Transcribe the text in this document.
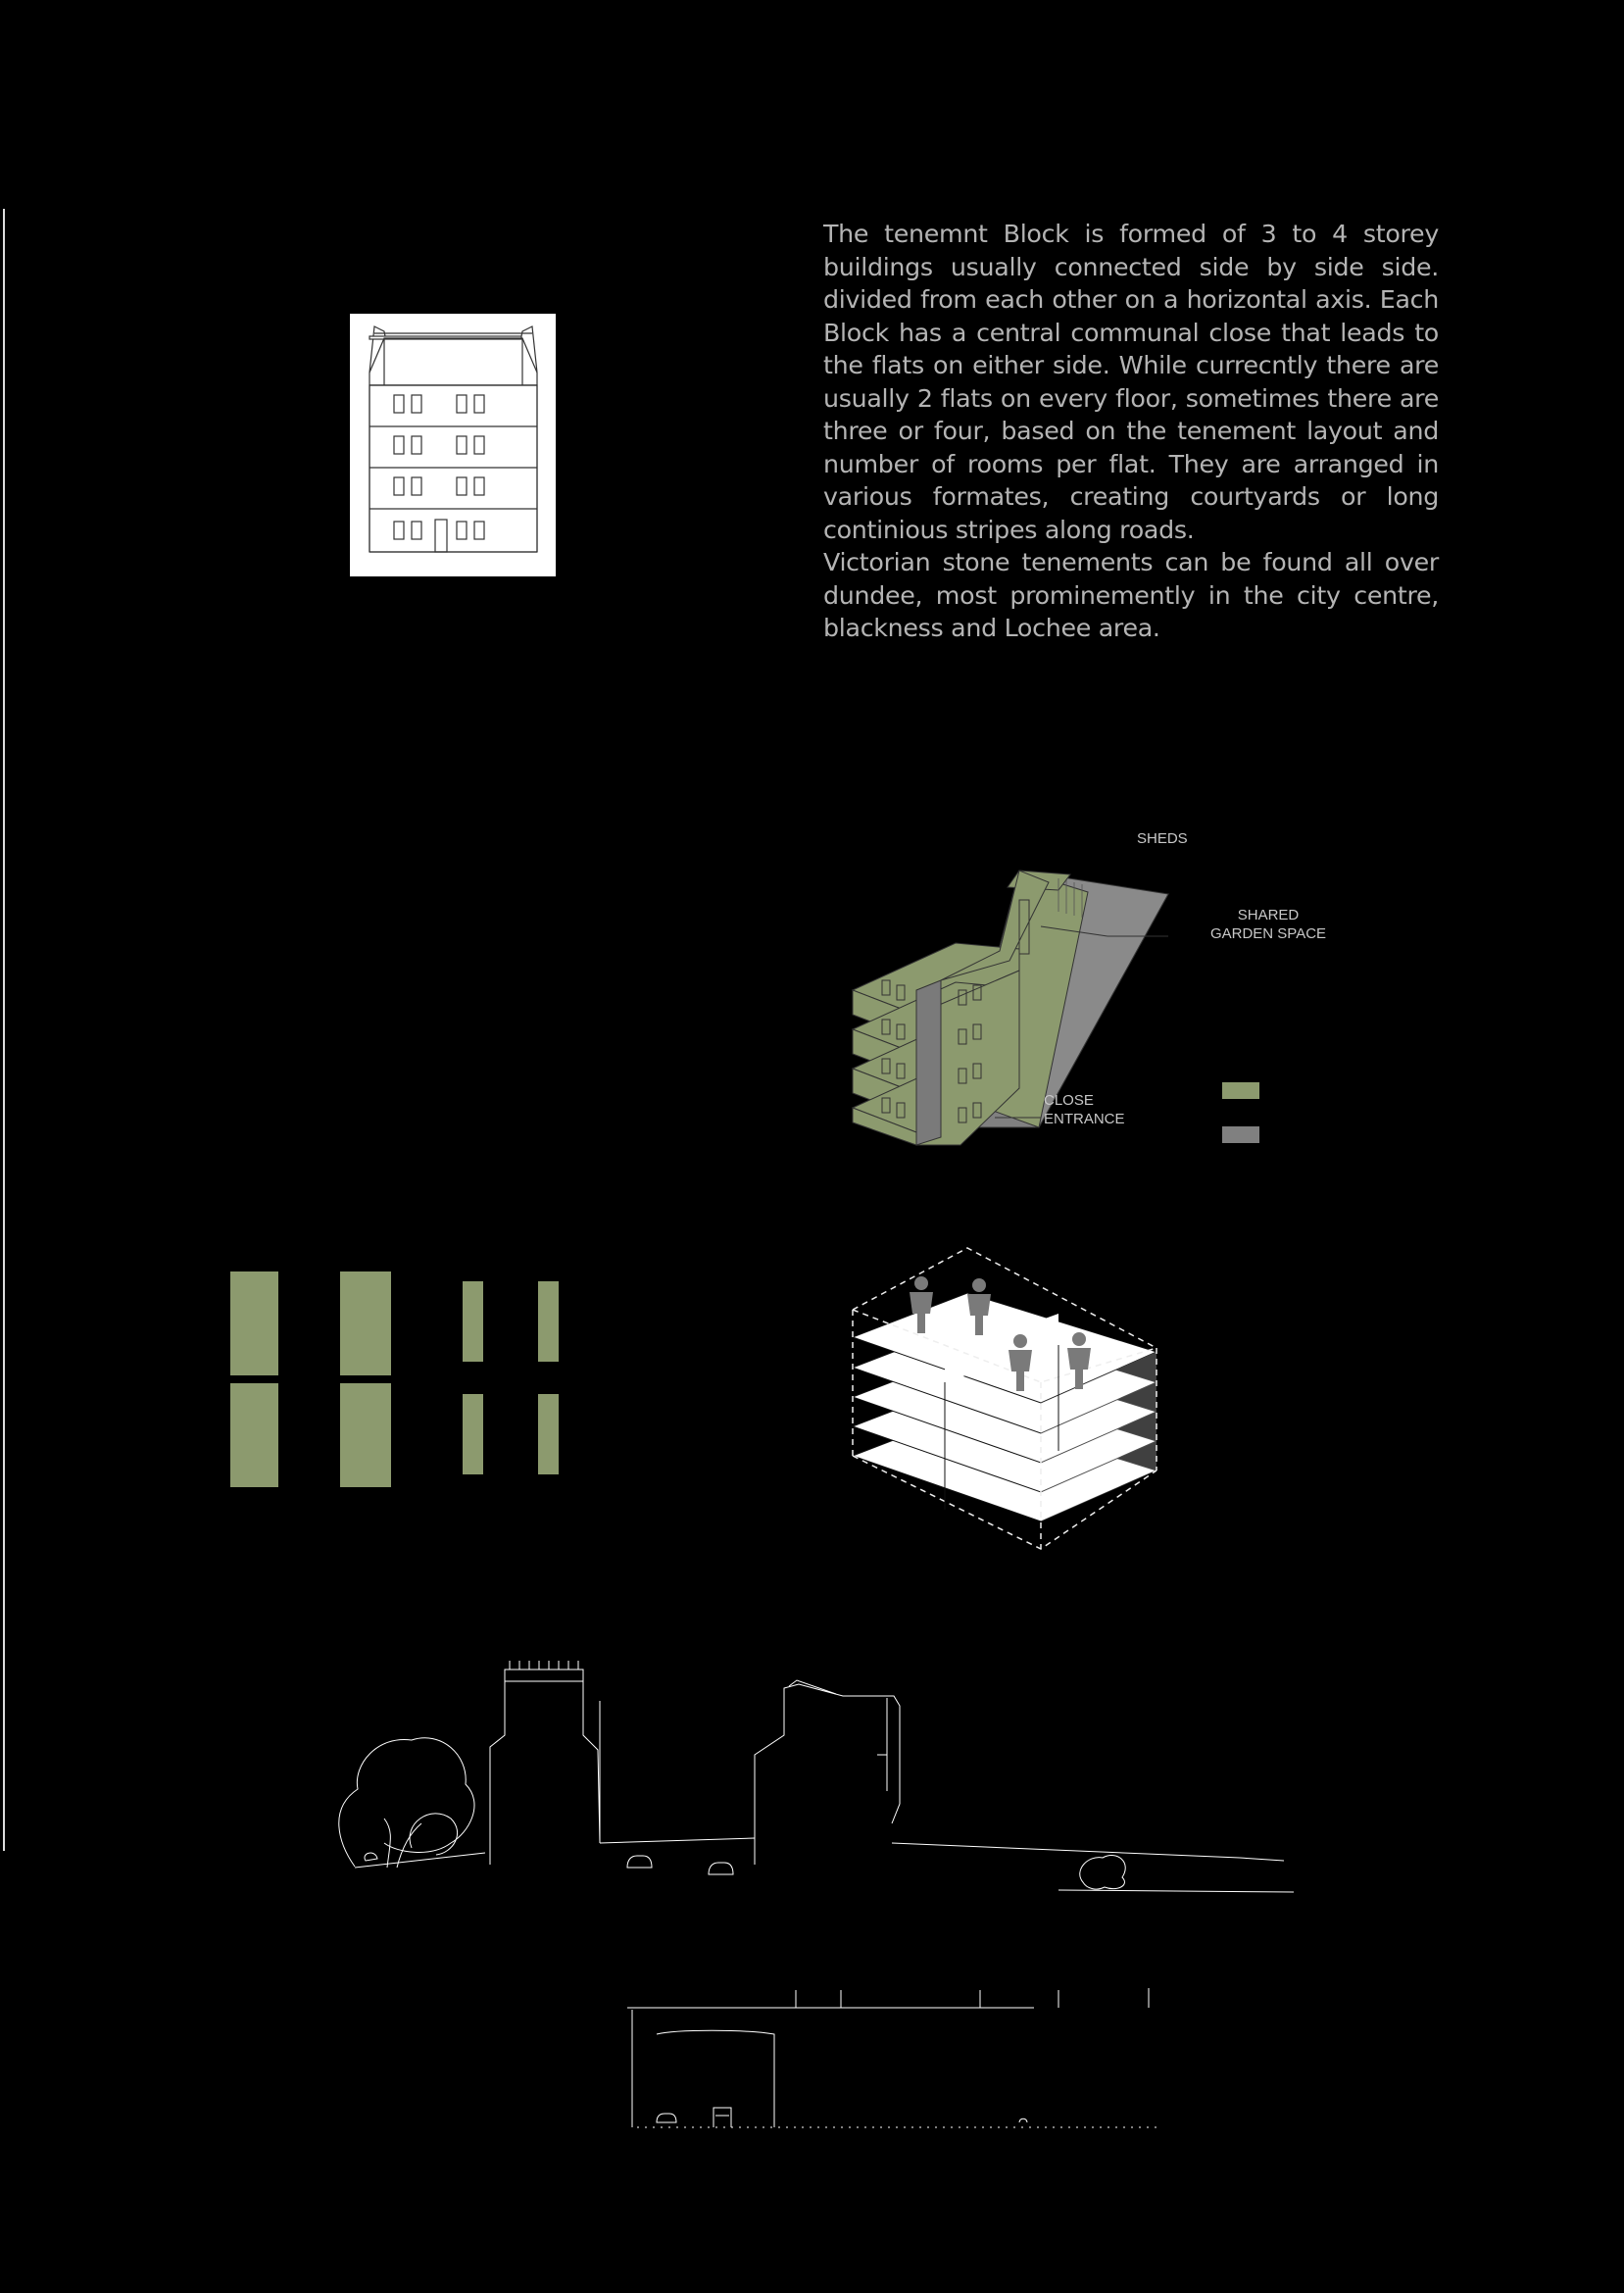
The tenemnt Block is formed of 3 to 4 storey buildings usually connected side by side side. divided from each other on a horizontal axis. Each Block has a central communal close that leads to the flats on either side. While currecntly there are usually 2 flats on every floor, sometimes there are three or four, based on the tenement layout and number of rooms per flat. They are arranged in various formates, creating courtyards or long continious stripes along roads.

Victorian stone tenements can be found all over dundee, most prominemently in the city centre, blackness and Lochee area.

SHEDS
SHARED
GARDEN SPACE
CLOSE
ENTRANCE
